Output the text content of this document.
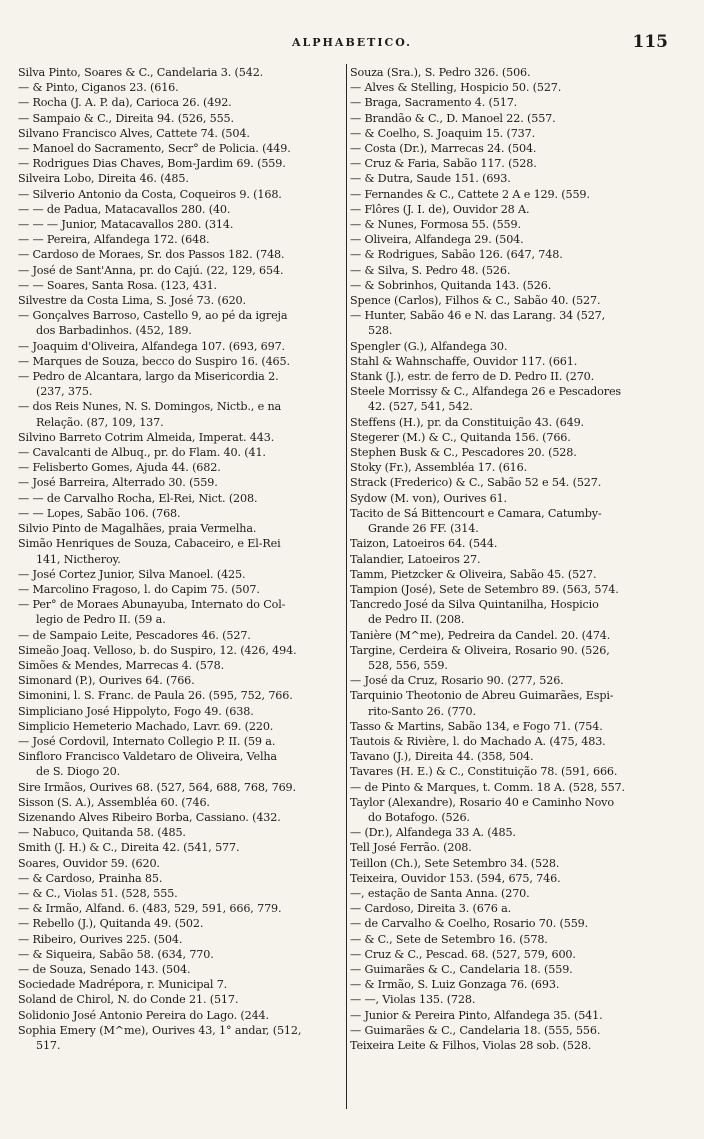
ALPHABETICO.	115
Silva Pinto, Soares & C., Candelaria 3. (542.
— & Pinto, Ciganos 23. (616.
— Rocha (J. A. P. da), Carioca 26. (492.
— Sampaio & C., Direita 94. (526, 555.
Silvano Francisco Alves, Cattete 74. (504.
— Manoel do Sacramento, Secr° de Policia. (449.
— Rodrigues Dias Chaves, Bom-Jardim 69. (559.
Silveira Lobo, Direita 46. (485.
— Silverio Antonio da Costa, Coqueiros 9. (168.
— — de Padua, Matacavallos 280. (40.
— — — Junior, Matacavallos 280. (314.
— — Pereira, Alfandega 172. (648.
— Cardoso de Moraes, Sr. dos Passos 182. (748.
— José de Sant'Anna, pr. do Cajú. (22, 129, 654.
— — Soares, Santa Rosa. (123, 431.
Silvestre da Costa Lima, S. José 73. (620.
— Gonçalves Barroso, Castello 9, ao pé da igreja
dos Barbadinhos. (452, 189.
— Joaquim d'Oliveira, Alfandega 107. (693, 697.
— Marques de Souza, becco do Suspiro 16. (465.
— Pedro de Alcantara, largo da Misericordia 2.
(237, 375.
— dos Reis Nunes, N. S. Domingos, Nictb., e na
Relação. (87, 109, 137.
Silvino Barreto Cotrim Almeida, Imperat. 443.
— Cavalcanti de Albuq., pr. do Flam. 40. (41.
— Felisberto Gomes, Ajuda 44. (682.
— José Barreira, Alterrado 30. (559.
— — de Carvalho Rocha, El-Rei, Nict. (208.
— — Lopes, Sabão 106. (768.
Silvio Pinto de Magalhães, praia Vermelha.
Simão Henriques de Souza, Cabaceiro, e El-Rei
141, Nictheroy.
— José Cortez Junior, Silva Manoel. (425.
— Marcolino Fragoso, l. do Capim 75. (507.
— Per° de Moraes Abunayuba, Internato do Col-
legio de Pedro II. (59 a.
— de Sampaio Leite, Pescadores 46. (527.
Simeão Joaq. Velloso, b. do Suspiro, 12. (426, 494.
Simões & Mendes, Marrecas 4. (578.
Simonard (P.), Ourives 64. (766.
Simonini, l. S. Franc. de Paula 26. (595, 752, 766.
Simpliciano José Hippolyto, Fogo 49. (638.
Simplicio Hemeterio Machado, Lavr. 69. (220.
— José Cordovil, Internato Collegio P. II. (59 a.
Sinfloro Francisco Valdetaro de Oliveira, Velha
de S. Diogo 20.
Sire Irmãos, Ourives 68. (527, 564, 688, 768, 769.
Sisson (S. A.), Assembléa 60. (746.
Sizenando Alves Ribeiro Borba, Cassiano. (432.
— Nabuco, Quitanda 58. (485.
Smith (J. H.) & C., Direita 42. (541, 577.
Soares, Ouvidor 59. (620.
— & Cardoso, Prainha 85.
— & C., Violas 51. (528, 555.
— & Irmão, Alfand. 6. (483, 529, 591, 666, 779.
— Rebello (J.), Quitanda 49. (502.
— Ribeiro, Ourives 225. (504.
— & Siqueira, Sabão 58. (634, 770.
— de Souza, Senado 143. (504.
Sociedade Madrépora, r. Municipal 7.
Soland de Chirol, N. do Conde 21. (517.
Solidonio José Antonio Pereira do Lago. (244.
Sophia Emery (M^me), Ourives 43, 1° andar, (512,
517.
Souza (Sra.), S. Pedro 326. (506.
— Alves & Stelling, Hospicio 50. (527.
— Braga, Sacramento 4. (517.
— Brandão & C., D. Manoel 22. (557.
— & Coelho, S. Joaquim 15. (737.
— Costa (Dr.), Marrecas 24. (504.
— Cruz & Faria, Sabão 117. (528.
— & Dutra, Saude 151. (693.
— Fernandes & C., Cattete 2 A e 129. (559.
— Flôres (J. I. de), Ouvidor 28 A.
— & Nunes, Formosa 55. (559.
— Oliveira, Alfandega 29. (504.
— & Rodrigues, Sabão 126. (647, 748.
— & Silva, S. Pedro 48. (526.
— & Sobrinhos, Quitanda 143. (526.
Spence (Carlos), Filhos & C., Sabão 40. (527.
— Hunter, Sabão 46 e N. das Larang. 34 (527,
528.
Spengler (G.), Alfandega 30.
Stahl & Wahnschaffe, Ouvidor 117. (661.
Stank (J.), estr. de ferro de D. Pedro II. (270.
Steele Morrissy & C., Alfandega 26 e Pescadores
42. (527, 541, 542.
Steffens (H.), pr. da Constituição 43. (649.
Stegerer (M.) & C., Quitanda 156. (766.
Stephen Busk & C., Pescadores 20. (528.
Stoky (Fr.), Assembléa 17. (616.
Strack (Frederico) & C., Sabão 52 e 54. (527.
Sydow (M. von), Ourives 61.
Tacito de Sá Bittencourt e Camara, Catumby-
Grande 26 FF. (314.
Taizon, Latoeiros 64. (544.
Talandier, Latoeiros 27.
Tamm, Pietzcker & Oliveira, Sabão 45. (527.
Tampion (José), Sete de Setembro 89. (563, 574.
Tancredo José da Silva Quintanilha, Hospicio
de Pedro II. (208.
Tanière (M^me), Pedreira da Candel. 20. (474.
Targine, Cerdeira & Oliveira, Rosario 90. (526,
528, 556, 559.
— José da Cruz, Rosario 90. (277, 526.
Tarquinio Theotonio de Abreu Guimarães, Espi-
rito-Santo 26. (770.
Tasso & Martins, Sabão 134, e Fogo 71. (754.
Tautois & Rivière, l. do Machado A. (475, 483.
Tavano (J.), Direita 44. (358, 504.
Tavares (H. E.) & C., Constituição 78. (591, 666.
— de Pinto & Marques, t. Comm. 18 A. (528, 557.
Taylor (Alexandre), Rosario 40 e Caminho Novo
do Botafogo. (526.
— (Dr.), Alfandega 33 A. (485.
Tell José Ferrão. (208.
Teillon (Ch.), Sete Setembro 34. (528.
Teixeira, Ouvidor 153. (594, 675, 746.
—, estação de Santa Anna. (270.
— Cardoso, Direita 3. (676 a.
— de Carvalho & Coelho, Rosario 70. (559.
— & C., Sete de Setembro 16. (578.
— Cruz & C., Pescad. 68. (527, 579, 600.
— Guimarães & C., Candelaria 18. (559.
— & Irmão, S. Luiz Gonzaga 76. (693.
— —, Violas 135. (728.
— Junior & Pereira Pinto, Alfandega 35. (541.
— Guimarães & C., Candelaria 18. (555, 556.
Teixeira Leite & Filhos, Violas 28 sob. (528.
